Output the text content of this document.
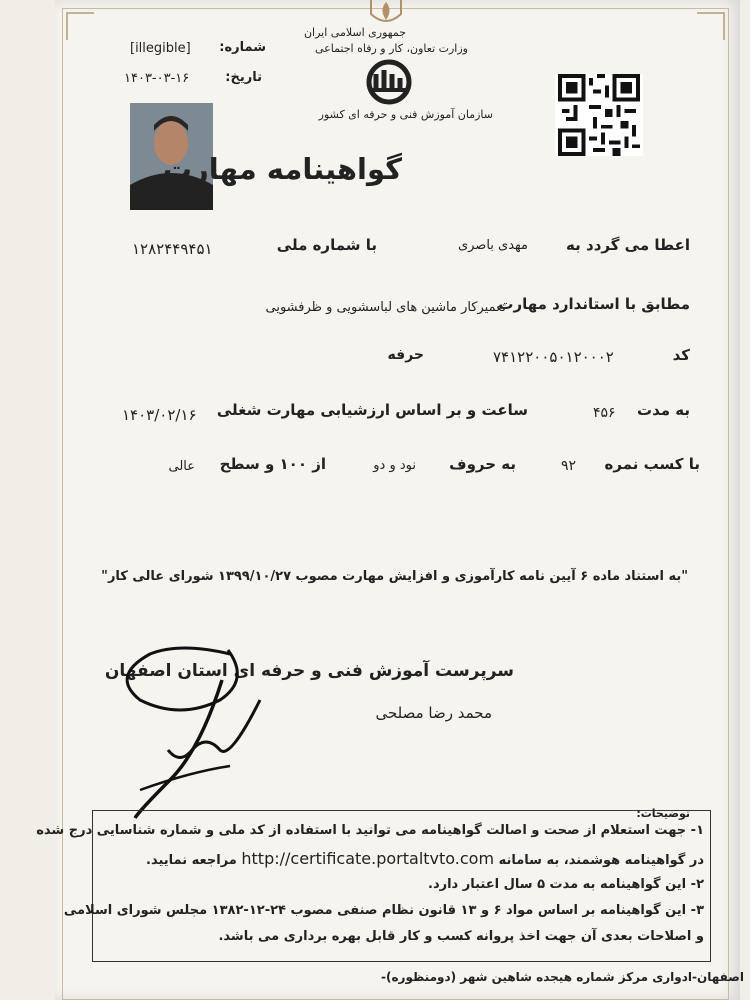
جمهوری اسلامی ایران
وزارت تعاون، کار و رفاه اجتماعی
سازمان آموزش فنی و حرفه ای کشور
شماره:
[illegible]
تاریخ:
۱۴۰۳-۰۳-۱۶
گواهینامه مهارت
اعطا می گردد به
مهدی باصری
با شماره ملی
۱۲۸۲۴۴۹۴۵۱
مطابق با استاندارد مهارت
تعمیرکار ماشین های لباسشویی و ظرفشویی
کد
۷۴۱۲۲۰۰۵۰۱۲۰۰۰۲
حرفه
به مدت
۴۵۶
ساعت و بر اساس ارزشیابی مهارت شغلی
۱۴۰۳/۰۲/۱۶
با کسب نمره
۹۲
به حروف
نود و دو
از ۱۰۰ و سطح
عالی
"به استناد ماده ۶ آیین نامه کارآموزی و افزایش مهارت مصوب ۱۳۹۹/۱۰/۲۷ شورای عالی کار"
سرپرست آموزش فنی و حرفه ای استان اصفهان
محمد رضا مصلحی
توضیحات:
۱- جهت استعلام از صحت و اصالت گواهینامه می توانید با استفاده از کد ملی و شماره شناسایی درج شده
در گواهینامه هوشمند، به سامانه http://certificate.portaltvto.com مراجعه نمایید.
۲- این گواهینامه به مدت ۵ سال اعتبار دارد.
۳- این گواهینامه بر اساس مواد ۶ و ۱۳ قانون نظام صنفی مصوب ۲۴-۱۲-۱۳۸۲ مجلس شورای اسلامی
و اصلاحات بعدی آن جهت اخذ پروانه کسب و کار قابل بهره برداری می باشد.
اصفهان-ادواری مرکز شماره هیجده شاهین شهر (دومنظوره)-
